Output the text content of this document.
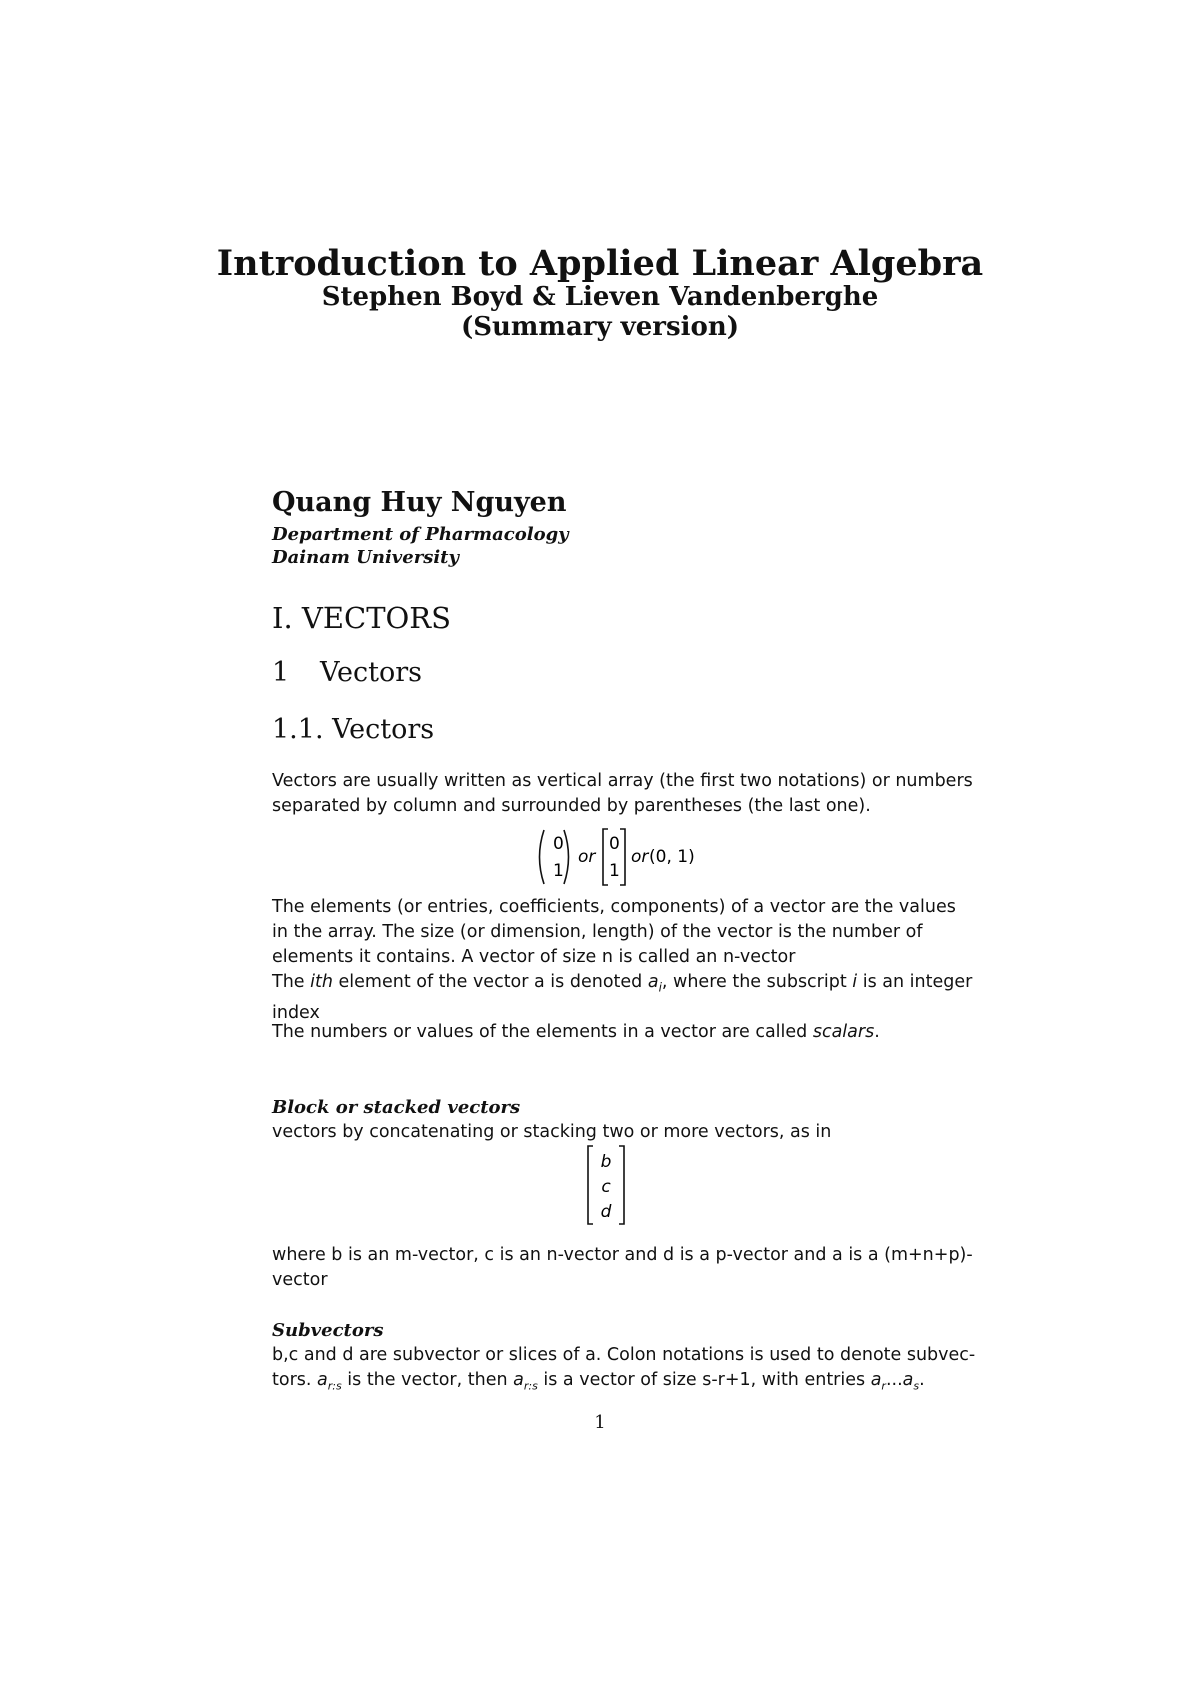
Introduction to Applied Linear Algebra
Stephen Boyd & Lieven Vandenberghe
(Summary version)
Quang Huy Nguyen
Department of Pharmacology
Dainam University
I. VECTORS
1 Vectors
1.1. Vectors
Vectors are usually written as vertical array (the first two notations) or numbers
separated by column and surrounded by parentheses (the last one).
0
1
or
0
1
or (0, 1)
The elements (or entries, coefficients, components) of a vector are the values
in the array. The size (or dimension, length) of the vector is the number of
elements it contains. A vector of size n is called an n-vector
The ith element of the vector a is denoted $a_i$, where the subscript i is an integer
index
The numbers or values of the elements in a vector are called scalars.
Block or stacked vectors
vectors by concatenating or stacking two or more vectors, as in
b
c
d
where b is an m-vector, c is an n-vector and d is a p-vector and a is a (m+n+p)-
vector
Subvectors
b,c and d are subvector or slices of a. Colon notations is used to denote subvec-
tors. $a_{r:s}$ is the vector, then $a_{r:s}$ is a vector of size s-r+1, with entries $a_r...a_s$.
1
